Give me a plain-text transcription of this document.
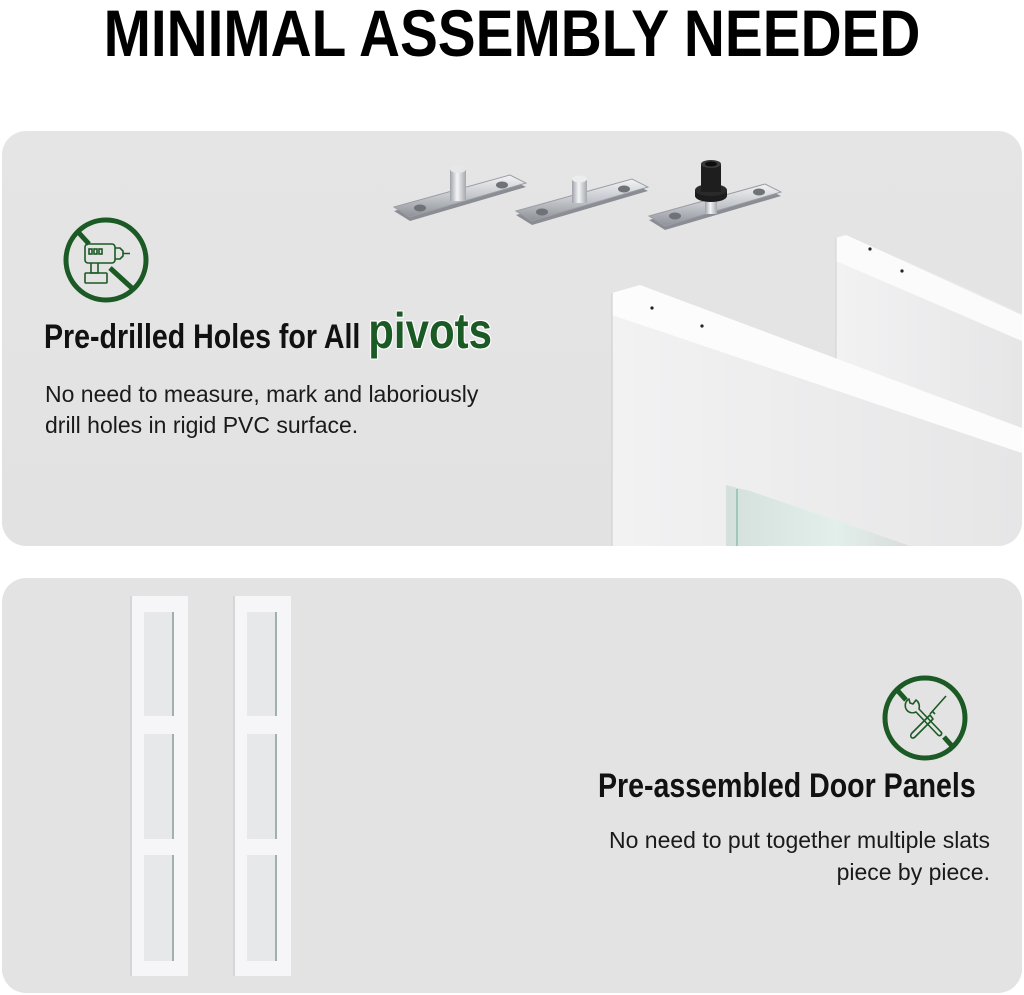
MINIMAL ASSEMBLY NEEDED
Pre-drilled Holes for All pivots

No need to measure, mark and laboriously
drill holes in rigid PVC surface.

Pre-assembled Door Panels

No need to put together multiple slats
piece by piece.
